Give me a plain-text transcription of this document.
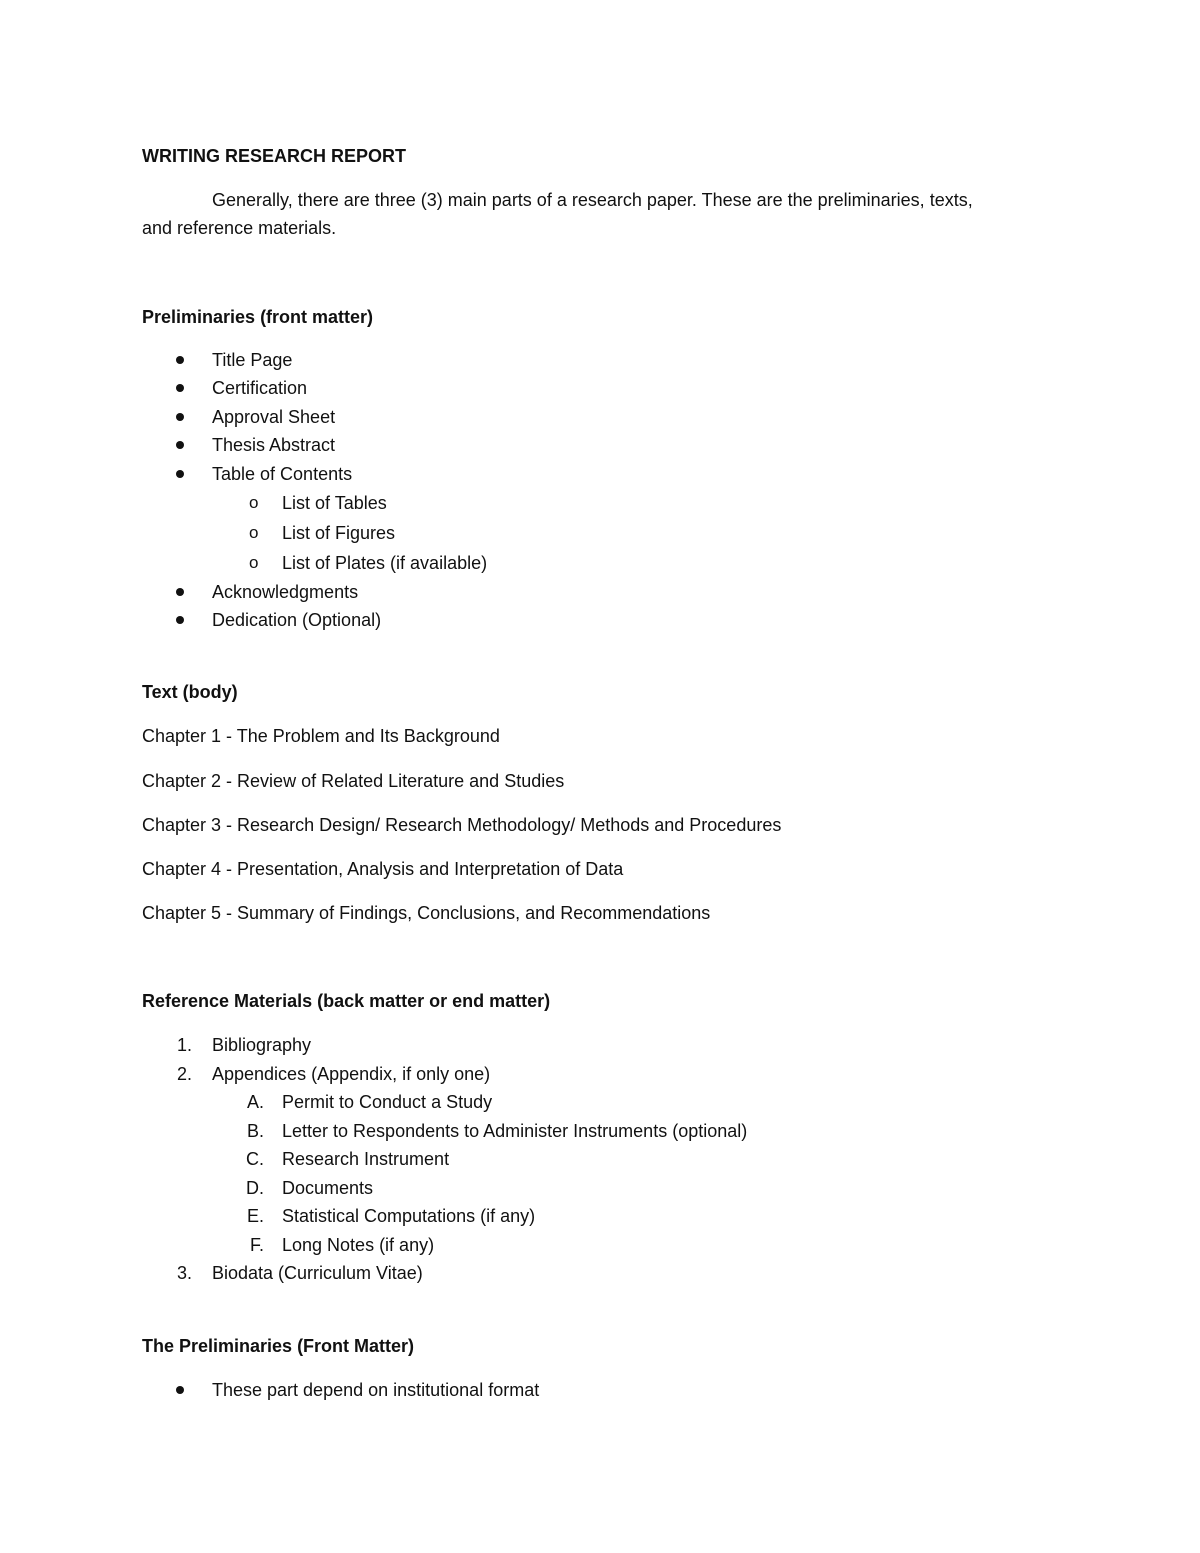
WRITING RESEARCH REPORT
Generally, there are three (3) main parts of a research paper. These are the preliminaries, texts,
and reference materials.
Preliminaries (front matter)
Title Page
Certification
Approval Sheet
Thesis Abstract
Table of Contents
o List of Tables
o List of Figures
o List of Plates (if available)
Acknowledgments
Dedication (Optional)
Text (body)
Chapter 1 - The Problem and Its Background
Chapter 2 - Review of Related Literature and Studies
Chapter 3 - Research Design/ Research Methodology/ Methods and Procedures
Chapter 4 - Presentation, Analysis and Interpretation of Data
Chapter 5 - Summary of Findings, Conclusions, and Recommendations
Reference Materials (back matter or end matter)
1. Bibliography
2. Appendices (Appendix, if only one)
A. Permit to Conduct a Study
B. Letter to Respondents to Administer Instruments (optional)
C. Research Instrument
D. Documents
E. Statistical Computations (if any)
F. Long Notes (if any)
3. Biodata (Curriculum Vitae)
The Preliminaries (Front Matter)
These part depend on institutional format
